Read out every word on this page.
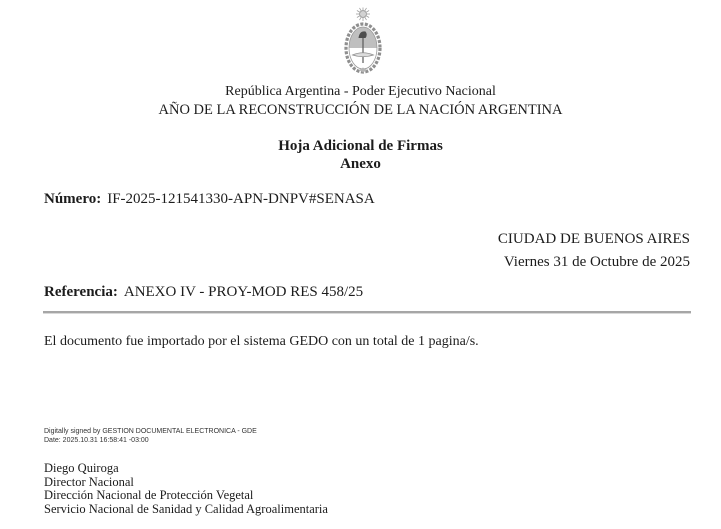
República Argentina - Poder Ejecutivo Nacional
AÑO DE LA RECONSTRUCCIÓN DE LA NACIÓN ARGENTINA
Hoja Adicional de Firmas
Anexo
Número: IF-2025-121541330-APN-DNPV#SENASA
CIUDAD DE BUENOS AIRES
Viernes 31 de Octubre de 2025
Referencia: ANEXO IV - PROY-MOD RES 458/25
El documento fue importado por el sistema GEDO con un total de 1 pagina/s.
Digitally signed by GESTION DOCUMENTAL ELECTRONICA - GDE
Date: 2025.10.31 16:58:41 -03:00
Diego Quiroga
Director Nacional
Dirección Nacional de Protección Vegetal
Servicio Nacional de Sanidad y Calidad Agroalimentaria
